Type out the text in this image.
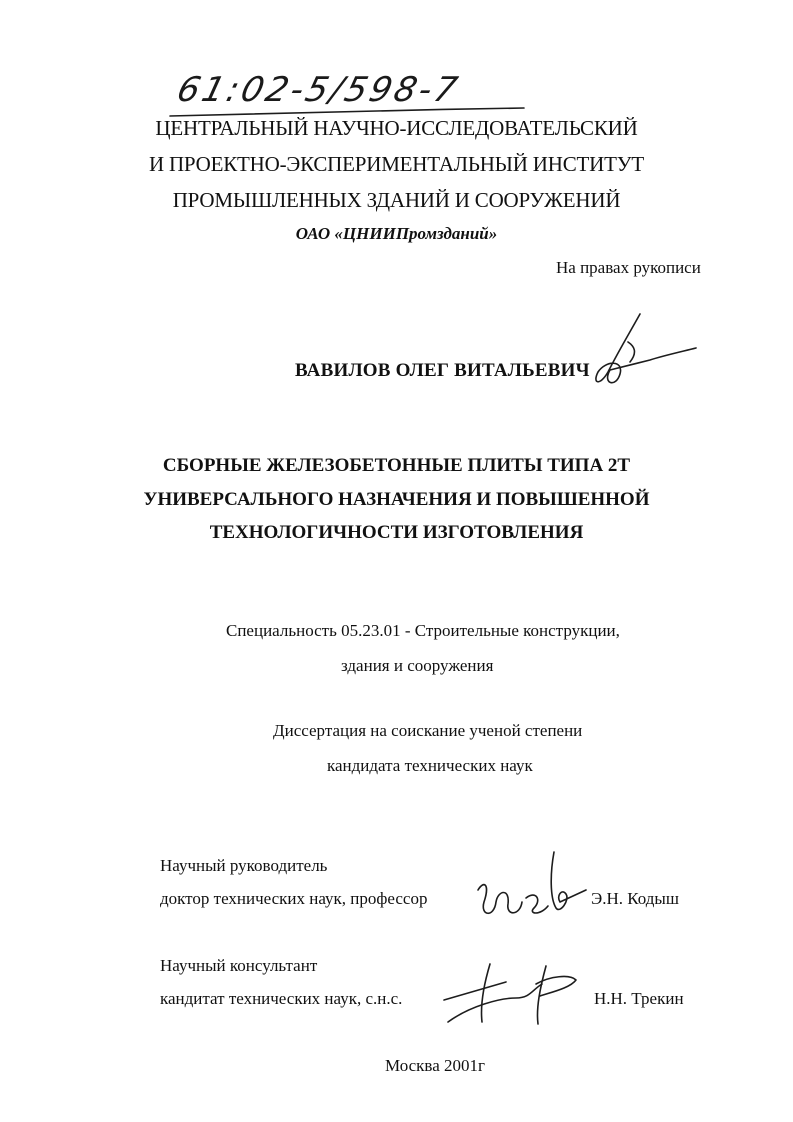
61:02-5/598-7
ЦЕНТРАЛЬНЫЙ НАУЧНО-ИССЛЕДОВАТЕЛЬСКИЙ
И ПРОЕКТНО-ЭКСПЕРИМЕНТАЛЬНЫЙ ИНСТИТУТ
ПРОМЫШЛЕННЫХ ЗДАНИЙ И СООРУЖЕНИЙ
ОАО «ЦНИИПромзданий»
На правах рукописи
ВАВИЛОВ ОЛЕГ ВИТАЛЬЕВИЧ
СБОРНЫЕ ЖЕЛЕЗОБЕТОННЫЕ ПЛИТЫ ТИПА 2Т
УНИВЕРСАЛЬНОГО НАЗНАЧЕНИЯ И ПОВЫШЕННОЙ
ТЕХНОЛОГИЧНОСТИ ИЗГОТОВЛЕНИЯ
Специальность 05.23.01 - Строительные конструкции,
здания и сооружения
Диссертация на соискание ученой степени
кандидата технических наук
Научный руководитель
доктор технических наук, профессор	Э.Н. Кодыш
Научный консультант
кандитат технических наук, с.н.с.	Н.Н. Трекин
Москва 2001г
